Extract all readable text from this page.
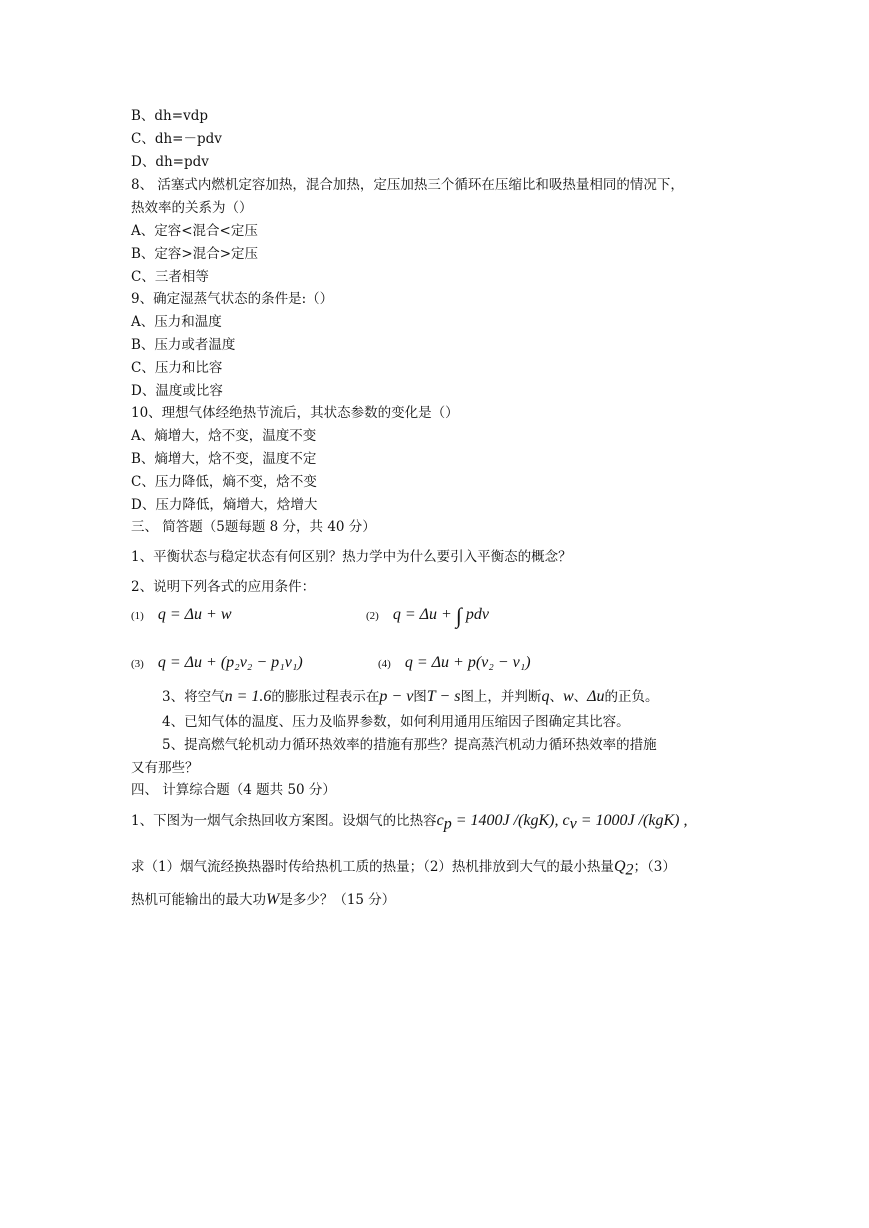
B、dh=vdp
C、dh=－pdv
D、dh=pdv
8、 活塞式内燃机定容加热，混合加热，定压加热三个循环在压缩比和吸热量相同的情况下，
热效率的关系为（）
A、定容<混合<定压
B、定容>混合>定压
C、三者相等
9、确定湿蒸气状态的条件是:（）
A、压力和温度
B、压力或者温度
C、压力和比容
D、温度或比容
10、理想气体经绝热节流后，其状态参数的变化是（）
A、熵增大，焓不变，温度不变
B、熵增大，焓不变，温度不定
C、压力降低，熵不变，焓不变
D、压力降低，熵增大，焓增大
三、 简答题（5题每题 8 分，共 40 分）
1、平衡状态与稳定状态有何区别？热力学中为什么要引入平衡态的概念？
2、说明下列各式的应用条件：
(1) q = Δu + w	(2) q = Δu + ∫ pdv
(3) q = Δu + (p₂v₂ − p₁v₁)	(4) q = Δu + p(v₂ − v₁)
3、将空气n = 1.6的膨胀过程表示在p − v图T − s图上，并判断q、w、Δu的正负。
4、已知气体的温度、压力及临界参数，如何利用通用压缩因子图确定其比容。
5、提高燃气轮机动力循环热效率的措施有那些？提高蒸汽机动力循环热效率的措施
又有那些？
四、 计算综合题（4 题共 50 分）
1、下图为一烟气余热回收方案图。设烟气的比热容$c_p = 1400J$ /(kgK), $c_v = 1000J$ /(kgK) ,
求（1）烟气流经换热器时传给热机工质的热量；（2）热机排放到大气的最小热量$Q_2$；（3）
热机可能输出的最大功W是多少？（15 分）
